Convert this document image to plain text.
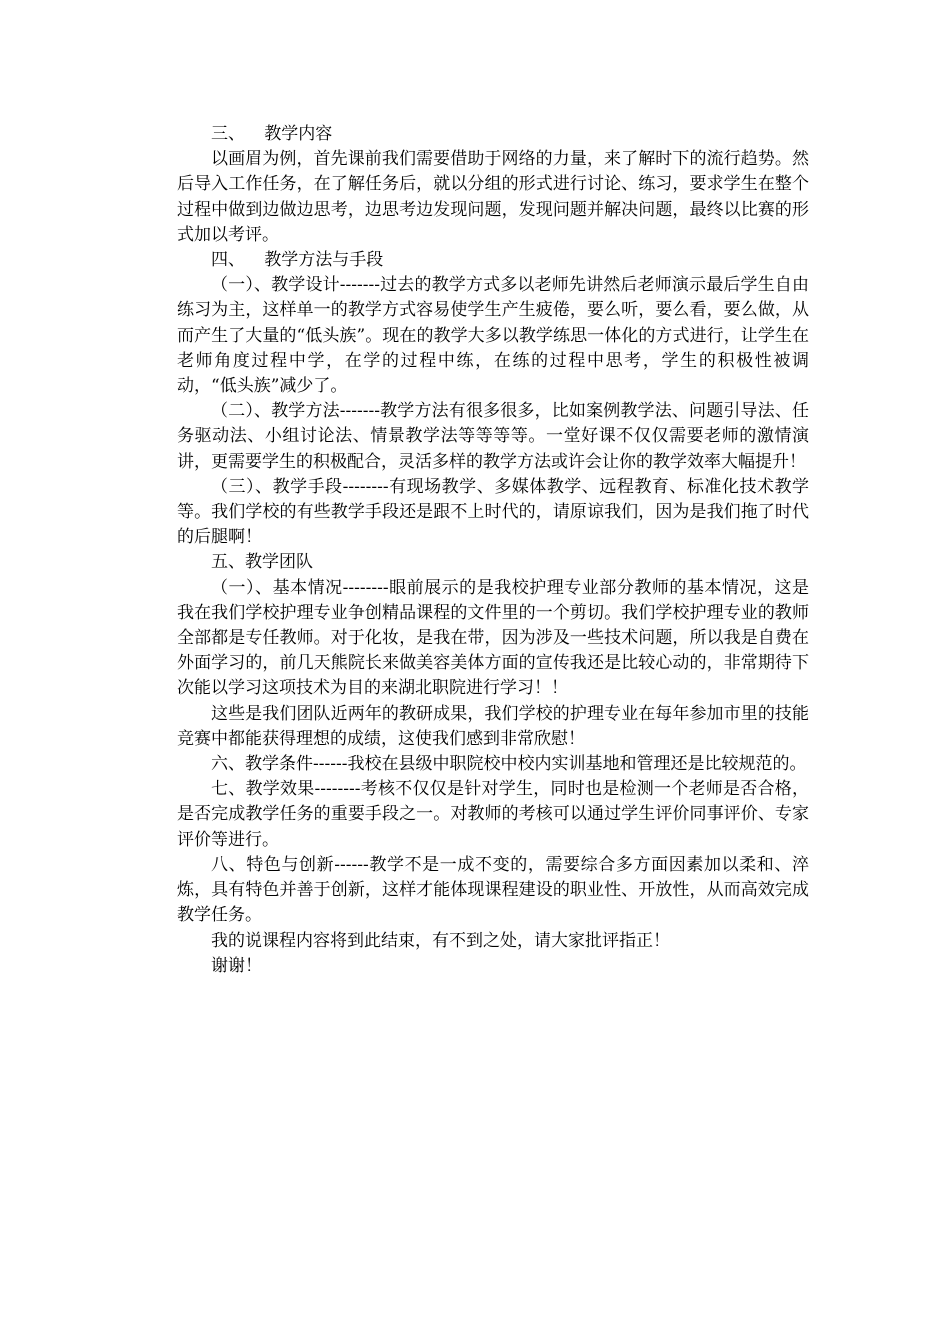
三、　  教学内容

以画眉为例，首先课前我们需要借助于网络的力量，来了解时下的流行趋势。然后导入工作任务，在了解任务后，就以分组的形式进行讨论、练习，要求学生在整个过程中做到边做边思考，边思考边发现问题，发现问题并解决问题，最终以比赛的形式加以考评。

四、　  教学方法与手段

（一）、教学设计-------过去的教学方式多以老师先讲然后老师演示最后学生自由练习为主，这样单一的教学方式容易使学生产生疲倦，要么听，要么看，要么做，从而产生了大量的“低头族”。现在的教学大多以教学练思一体化的方式进行，让学生在老师角度过程中学，在学的过程中练，在练的过程中思考，学生的积极性被调动，“低头族”减少了。

（二）、教学方法-------教学方法有很多很多，比如案例教学法、问题引导法、任务驱动法、小组讨论法、情景教学法等等等等。一堂好课不仅仅需要老师的激情演讲，更需要学生的积极配合，灵活多样的教学方法或许会让你的教学效率大幅提升！

（三）、教学手段--------有现场教学、多媒体教学、远程教育、标准化技术教学等。我们学校的有些教学手段还是跟不上时代的，请原谅我们，因为是我们拖了时代的后腿啊！

五、教学团队

（一）、基本情况--------眼前展示的是我校护理专业部分教师的基本情况，这是我在我们学校护理专业争创精品课程的文件里的一个剪切。我们学校护理专业的教师全部都是专任教师。对于化妆，是我在带，因为涉及一些技术问题，所以我是自费在外面学习的，前几天熊院长来做美容美体方面的宣传我还是比较心动的，非常期待下次能以学习这项技术为目的来湖北职院进行学习！！

这些是我们团队近两年的教研成果，我们学校的护理专业在每年参加市里的技能竞赛中都能获得理想的成绩，这使我们感到非常欣慰！

六、教学条件------我校在县级中职院校中校内实训基地和管理还是比较规范的。

七、教学效果--------考核不仅仅是针对学生，同时也是检测一个老师是否合格，是否完成教学任务的重要手段之一。对教师的考核可以通过学生评价同事评价、专家评价等进行。

八、特色与创新------教学不是一成不变的，需要综合多方面因素加以柔和、淬炼，具有特色并善于创新，这样才能体现课程建设的职业性、开放性，从而高效完成教学任务。

我的说课程内容将到此结束，有不到之处，请大家批评指正！

谢谢！
